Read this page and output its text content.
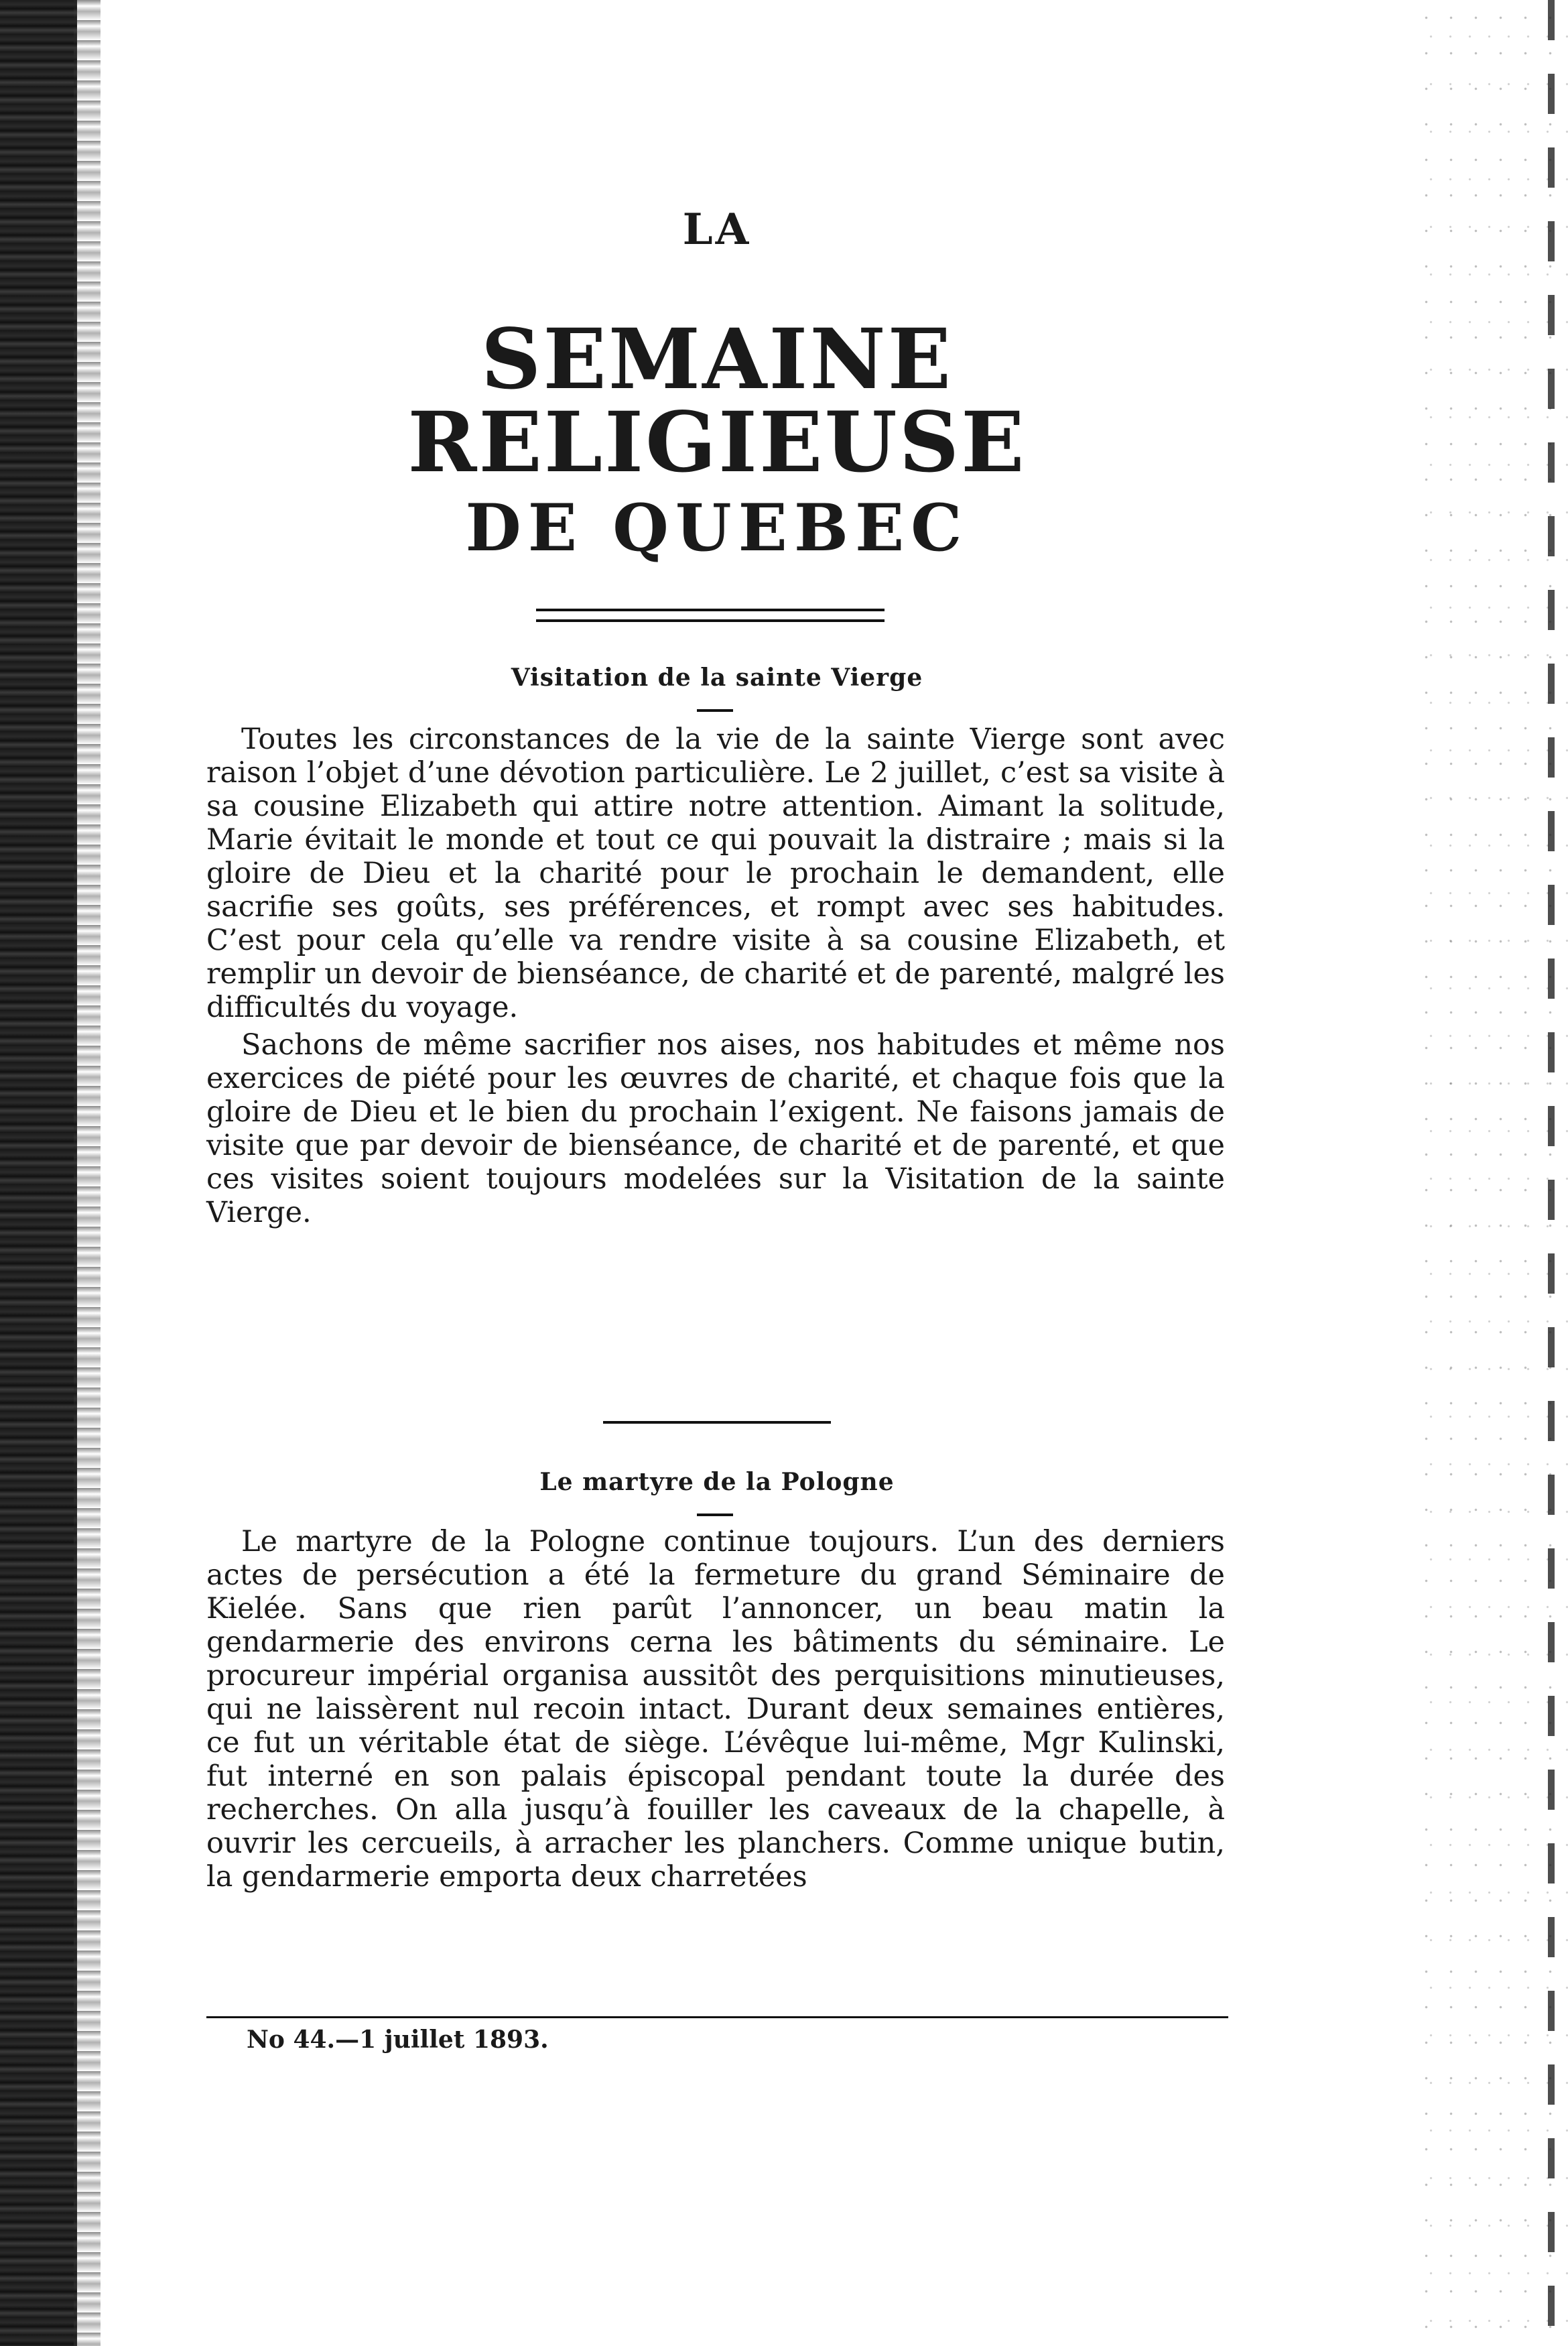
LA
SEMAINE RELIGIEUSE
DE QUEBEC
Visitation de la sainte Vierge

Toutes les circonstances de la vie de la sainte Vierge sont avec raison l’objet d’une dévotion particulière. Le 2 juillet, c’est sa visite à sa cousine Elizabeth qui attire notre attention. Aimant la solitude, Marie évitait le monde et tout ce qui pouvait la distraire ; mais si la gloire de Dieu et la charité pour le prochain le demandent, elle sacrifie ses goûts, ses préférences, et rompt avec ses habitudes. C’est pour cela qu’elle va rendre visite à sa cousine Elizabeth, et remplir un devoir de bienséance, de charité et de parenté, malgré les difficultés du voyage.

Sachons de même sacrifier nos aises, nos habitudes et même nos exercices de piété pour les œuvres de charité, et chaque fois que la gloire de Dieu et le bien du prochain l’exigent. Ne faisons jamais de visite que par devoir de bienséance, de charité et de parenté, et que ces visites soient toujours modelées sur la Visitation de la sainte Vierge.

Le martyre de la Pologne

Le martyre de la Pologne continue toujours. L’un des derniers actes de persécution a été la fermeture du grand Séminaire de Kielée. Sans que rien parût l’annoncer, un beau matin la gendarmerie des environs cerna les bâtiments du séminaire. Le procureur impérial organisa aussitôt des perquisitions minutieuses, qui ne laissèrent nul recoin intact. Durant deux semaines entières, ce fut un véritable état de siège. L’évêque lui-même, Mgr Kulinski, fut interné en son palais épiscopal pendant toute la durée des recherches. On alla jusqu’à fouiller les caveaux de la chapelle, à ouvrir les cercueils, à arracher les planchers. Comme unique butin, la gendarmerie emporta deux charretées

No 44.—1 juillet 1893.
